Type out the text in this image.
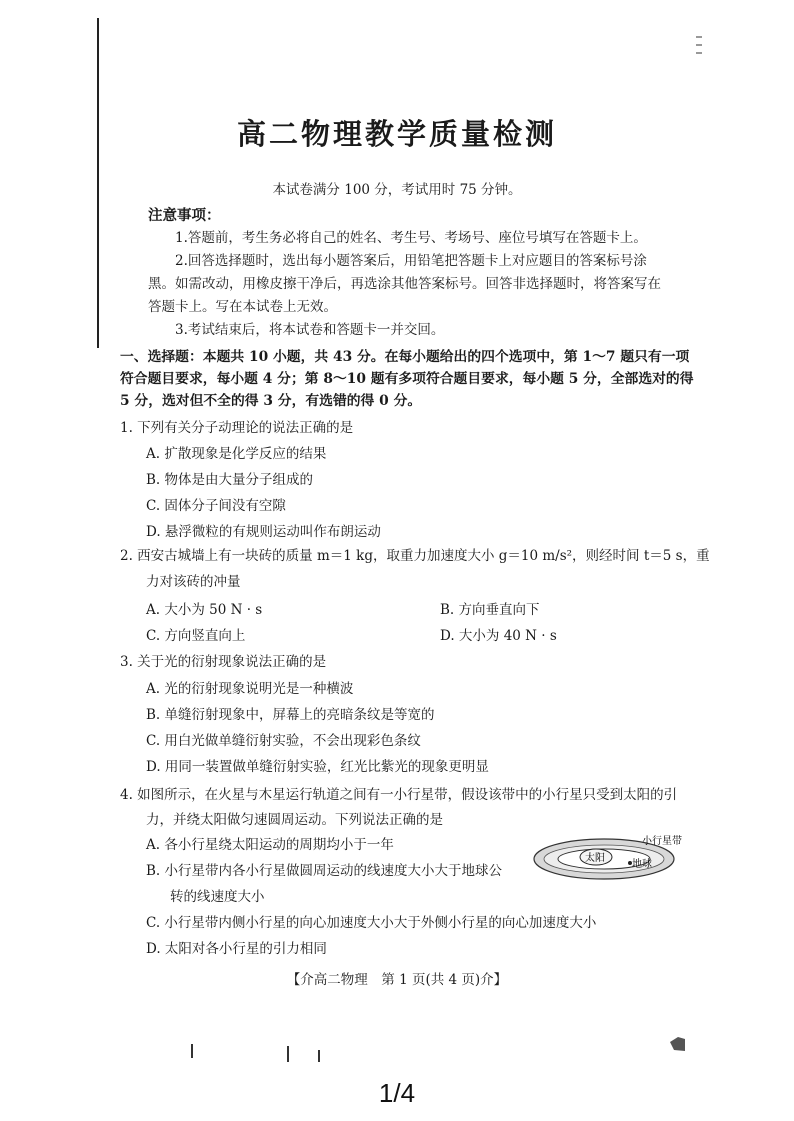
高二物理教学质量检测
本试卷满分 100 分，考试用时 75 分钟。
注意事项：
1.答题前，考生务必将自己的姓名、考生号、考场号、座位号填写在答题卡上。
2.回答选择题时，选出每小题答案后，用铅笔把答题卡上对应题目的答案标号涂
黑。如需改动，用橡皮擦干净后，再选涂其他答案标号。回答非选择题时，将答案写在
答题卡上。写在本试卷上无效。
3.考试结束后，将本试卷和答题卡一并交回。
一、选择题：本题共 10 小题，共 43 分。在每小题给出的四个选项中，第 1～7 题只有一项符合题目要求，每小题 4 分；第 8～10 题有多项符合题目要求，每小题 5 分，全部选对的得 5 分，选对但不全的得 3 分，有选错的得 0 分。
1. 下列有关分子动理论的说法正确的是
A. 扩散现象是化学反应的结果
B. 物体是由大量分子组成的
C. 固体分子间没有空隙
D. 悬浮微粒的有规则运动叫作布朗运动
2. 西安古城墙上有一块砖的质量 m＝1 kg，取重力加速度大小 g＝10 m/s²，则经时间 t＝5 s，重
力对该砖的冲量
A. 大小为 50 N · s	B. 方向垂直向下
C. 方向竖直向上	D. 大小为 40 N · s
3. 关于光的衍射现象说法正确的是
A. 光的衍射现象说明光是一种横波
B. 单缝衍射现象中，屏幕上的亮暗条纹是等宽的
C. 用白光做单缝衍射实验，不会出现彩色条纹
D. 用同一装置做单缝衍射实验，红光比紫光的现象更明显
4. 如图所示，在火星与木星运行轨道之间有一小行星带，假设该带中的小行星只受到太阳的引
力，并绕太阳做匀速圆周运动。下列说法正确的是
A. 各小行星绕太阳运动的周期均小于一年
B. 小行星带内各小行星做圆周运动的线速度大小大于地球公
转的线速度大小
C. 小行星带内侧小行星的向心加速度大小大于外侧小行星的向心加速度大小
D. 太阳对各小行星的引力相同
太阳
地球
小行星带
【介高二物理　第 1 页(共 4 页)介】
1/4
